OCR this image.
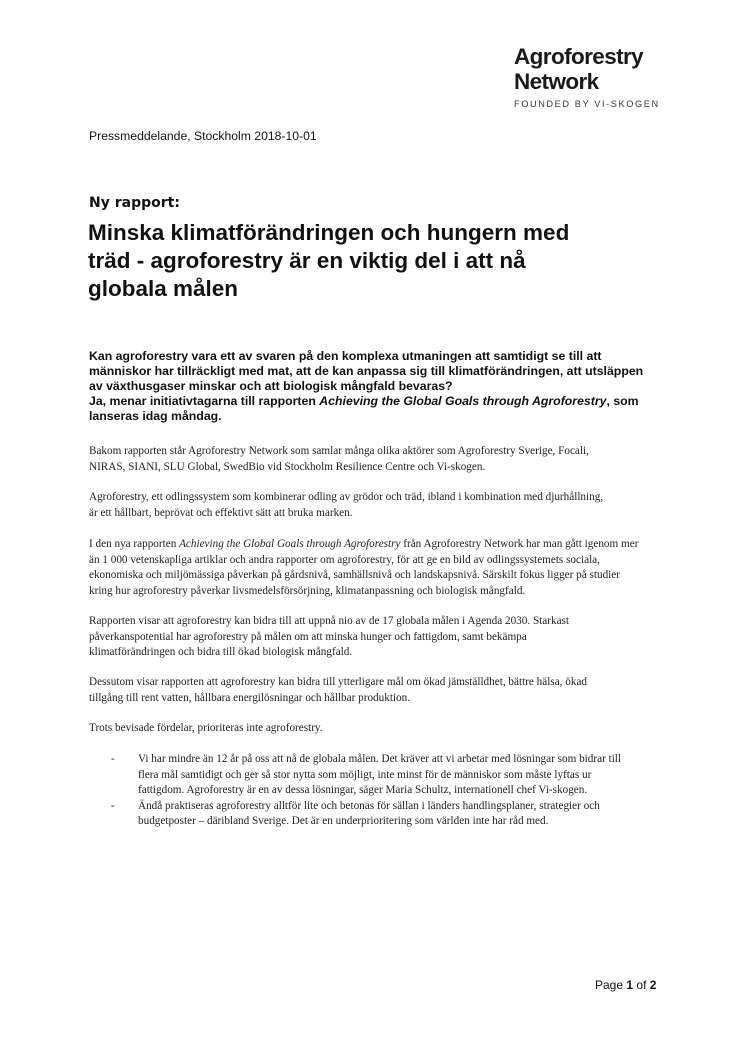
Agroforestry
Network
FOUNDED BY VI-SKOGEN
Pressmeddelande, Stockholm 2018-10-01
Ny rapport:
Minska klimatförändringen och hungern med
träd - agroforestry är en viktig del i att nå
globala målen

Kan agroforestry vara ett av svaren på den komplexa utmaningen att samtidigt se till att
människor har tillräckligt med mat, att de kan anpassa sig till klimatförändringen, att utsläppen
av växthusgaser minskar och att biologisk mångfald bevaras?
Ja, menar initiativtagarna till rapporten Achieving the Global Goals through Agroforestry, som
lanseras idag måndag.

Bakom rapporten står Agroforestry Network som samlar många olika aktörer som Agroforestry Sverige, Focali,
NIRAS, SIANI, SLU Global, SwedBio vid Stockholm Resilience Centre och Vi-skogen.

Agroforestry, ett odlingssystem som kombinerar odling av grödor och träd, ibland i kombination med djurhållning,
är ett hållbart, beprövat och effektivt sätt att bruka marken.

I den nya rapporten Achieving the Global Goals through Agroforestry från Agroforestry Network har man gått igenom mer
än 1 000 vetenskapliga artiklar och andra rapporter om agroforestry, för att ge en bild av odlingssystemets sociala,
ekonomiska och miljömässiga påverkan på gårdsnivå, samhällsnivå och landskapsnivå. Särskilt fokus ligger på studier
kring hur agroforestry påverkar livsmedelsförsörjning, klimatanpassning och biologisk mångfald.

Rapporten visar att agroforestry kan bidra till att uppnå nio av de 17 globala målen i Agenda 2030. Starkast
påverkanspotential har agroforestry på målen om att minska hunger och fattigdom, samt bekämpa
klimatförändringen och bidra till ökad biologisk mångfald.

Dessutom visar rapporten att agroforestry kan bidra till ytterligare mål om ökad jämställdhet, bättre hälsa, ökad
tillgång till rent vatten, hållbara energilösningar och hållbar produktion.

Trots bevisade fördelar, prioriteras inte agroforestry.

- Vi har mindre än 12 år på oss att nå de globala målen. Det kräver att vi arbetar med lösningar som bidrar till
flera mål samtidigt och ger så stor nytta som möjligt, inte minst för de människor som måste lyftas ur
fattigdom. Agroforestry är en av dessa lösningar, säger Maria Schultz, internationell chef Vi-skogen.
- Ändå praktiseras agroforestry alltför lite och betonas för sällan i länders handlingsplaner, strategier och
budgetposter – däribland Sverige. Det är en underprioritering som världen inte har råd med.
Page 1 of 2
